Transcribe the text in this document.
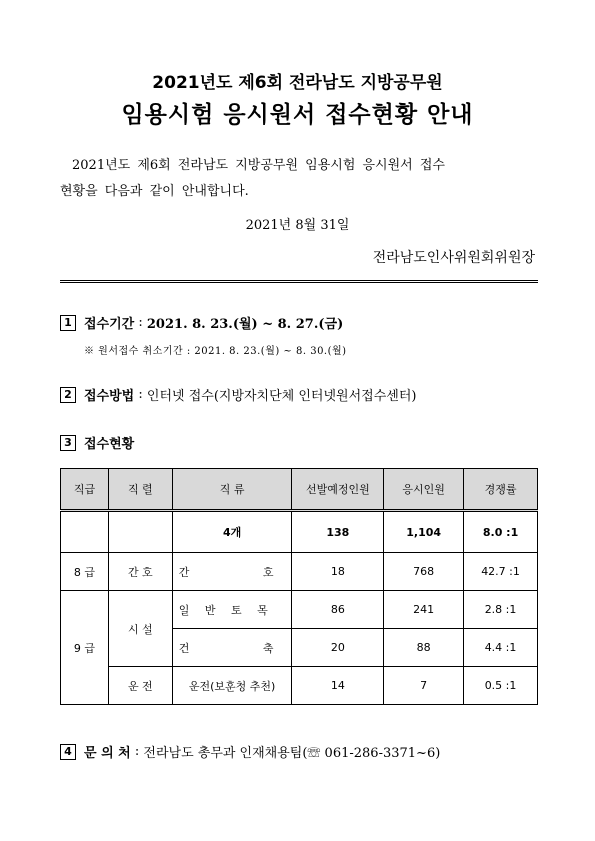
2021년도 제6회 전라남도 지방공무원
임용시험 응시원서 접수현황 안내
2021년도 제6회 전라남도 지방공무원 임용시험 응시원서 접수
현황을 다음과 같이 안내합니다.
2021년 8월 31일
전라남도인사위원회위원장
1 접수기간 : 2021. 8. 23.(월) ~ 8. 27.(금)
※ 원서접수 취소기간 : 2021. 8. 23.(월) ~ 8. 30.(월)
2 접수방법 : 인터넷 접수(지방자치단체 인터넷원서접수센터)
3 접수현황
직급	직 렬	직 류	선발예정인원	응시인원	경쟁률
		4개	138	1,104	8.0 :1
8 급	간 호	간 호	18	768	42.7 :1
9 급	시 설	일 반 토 목	86	241	2.8 :1
		건 축	20	88	4.4 :1
	운 전	운전(보훈청 추천)	14	7	0.5 :1
4 문 의 처 : 전라남도 총무과 인재채용팀(☏ 061-286-3371~6)
